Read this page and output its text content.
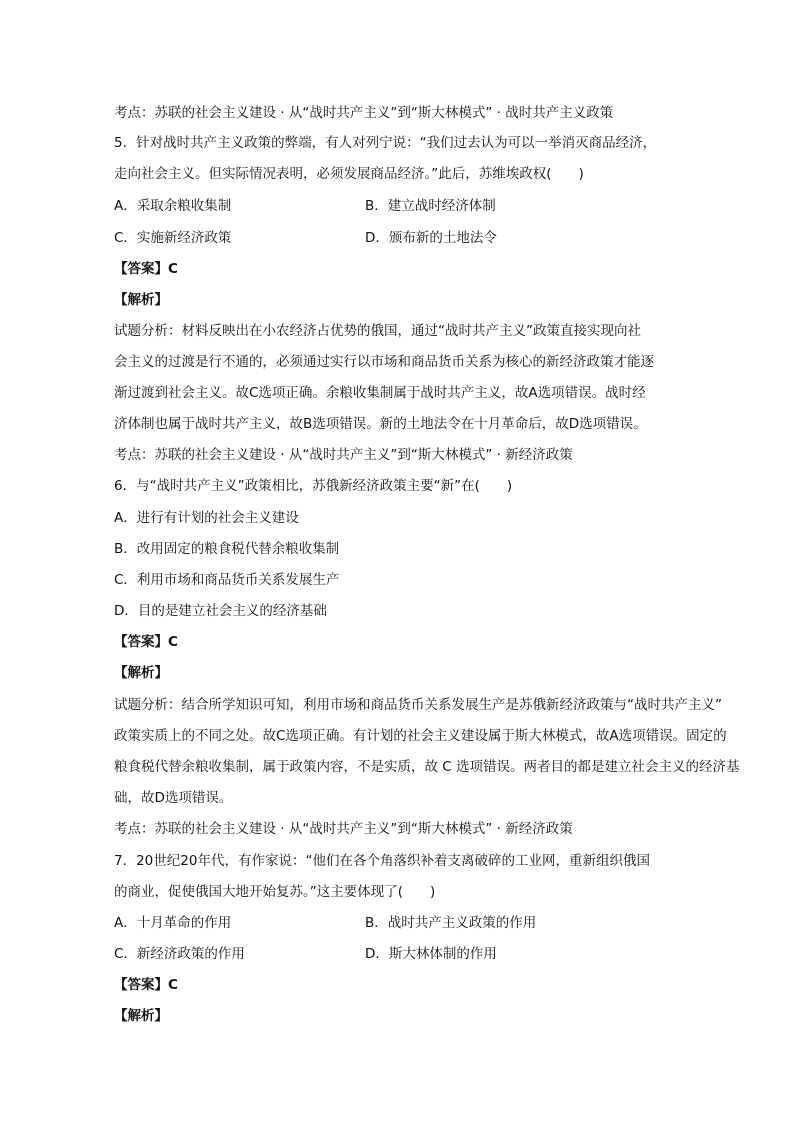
考点：苏联的社会主义建设 · 从“战时共产主义”到“斯大林模式” · 战时共产主义政策
5．针对战时共产主义政策的弊端，有人对列宁说：“我们过去认为可以一举消灭商品经济，
走向社会主义。但实际情况表明，必须发展商品经济。”此后，苏维埃政权(　　)
A．采取余粮收集制	B．建立战时经济体制
C．实施新经济政策	D．颁布新的土地法令
【答案】C
【解析】
试题分析：材料反映出在小农经济占优势的俄国，通过“战时共产主义”政策直接实现向社
会主义的过渡是行不通的，必须通过实行以市场和商品货币关系为核心的新经济政策才能逐
渐过渡到社会主义。故C选项正确。余粮收集制属于战时共产主义，故A选项错误。战时经
济体制也属于战时共产主义，故B选项错误。新的土地法令在十月革命后，故D选项错误。
考点：苏联的社会主义建设 · 从“战时共产主义”到“斯大林模式” · 新经济政策
6．与“战时共产主义”政策相比，苏俄新经济政策主要“新”在(　　)
A．进行有计划的社会主义建设
B．改用固定的粮食税代替余粮收集制
C．利用市场和商品货币关系发展生产
D．目的是建立社会主义的经济基础
【答案】C
【解析】
试题分析：结合所学知识可知，利用市场和商品货币关系发展生产是苏俄新经济政策与“战时共产主义”
政策实质上的不同之处。故C选项正确。有计划的社会主义建设属于斯大林模式，故A选项错误。固定的
粮食税代替余粮收集制，属于政策内容，不是实质，故 C 选项错误。两者目的都是建立社会主义的经济基
础，故D选项错误。
考点：苏联的社会主义建设 · 从“战时共产主义”到“斯大林模式” · 新经济政策
7．20世纪20年代，有作家说：“他们在各个角落织补着支离破碎的工业网，重新组织俄国
的商业，促使俄国大地开始复苏。”这主要体现了(　　)
A．十月革命的作用	B．战时共产主义政策的作用
C．新经济政策的作用	D．斯大林体制的作用
【答案】C
【解析】
